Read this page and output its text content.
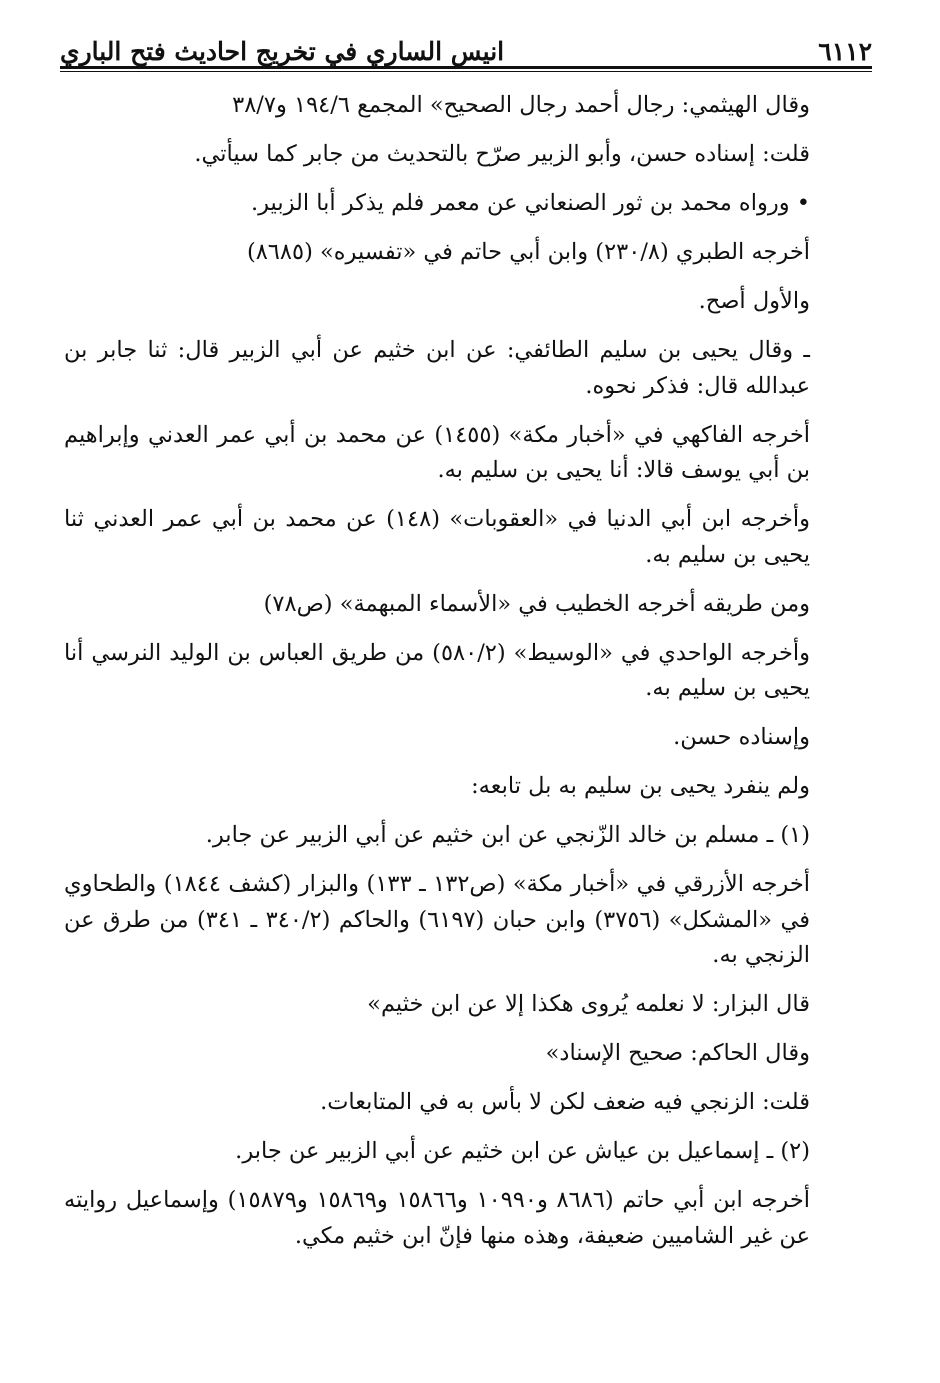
٦١١٢
انيس الساري في تخريج احاديث فتح الباري

وقال الهيثمي: رجال أحمد رجال الصحيح» المجمع ١٩٤/٦ و٣٨/٧

قلت: إسناده حسن، وأبو الزبير صرّح بالتحديث من جابر كما سيأتي.

• ورواه محمد بن ثور الصنعاني عن معمر فلم يذكر أبا الزبير.

أخرجه الطبري (٢٣٠/٨) وابن أبي حاتم في «تفسيره» (٨٦٨٥)

والأول أصح.

ـ وقال يحيى بن سليم الطائفي: عن ابن خثيم عن أبي الزبير قال: ثنا جابر بن عبدالله قال: فذكر نحوه.

أخرجه الفاكهي في «أخبار مكة» (١٤٥٥) عن محمد بن أبي عمر العدني وإبراهيم بن أبي يوسف قالا: أنا يحيى بن سليم به.

وأخرجه ابن أبي الدنيا في «العقوبات» (١٤٨) عن محمد بن أبي عمر العدني ثنا يحيى بن سليم به.

ومن طريقه أخرجه الخطيب في «الأسماء المبهمة» (ص٧٨)

وأخرجه الواحدي في «الوسيط» (٥٨٠/٢) من طريق العباس بن الوليد النرسي أنا يحيى بن سليم به.

وإسناده حسن.

ولم ينفرد يحيى بن سليم به بل تابعه:

(١) ـ مسلم بن خالد الزّنجي عن ابن خثيم عن أبي الزبير عن جابر.

أخرجه الأزرقي في «أخبار مكة» (ص١٣٢ ـ ١٣٣) والبزار (كشف ١٨٤٤) والطحاوي في «المشكل» (٣٧٥٦) وابن حبان (٦١٩٧) والحاكم (٣٤٠/٢ ـ ٣٤١) من طرق عن الزنجي به.

قال البزار: لا نعلمه يُروى هكذا إلا عن ابن خثيم»

وقال الحاكم: صحيح الإسناد»

قلت: الزنجي فيه ضعف لكن لا بأس به في المتابعات.

(٢) ـ إسماعيل بن عياش عن ابن خثيم عن أبي الزبير عن جابر.

أخرجه ابن أبي حاتم (٨٦٨٦ و١٠٩٩٠ و١٥٨٦٦ و١٥٨٦٩ و١٥٨٧٩) وإسماعيل روايته عن غير الشاميين ضعيفة، وهذه منها فإنّ ابن خثيم مكي.
